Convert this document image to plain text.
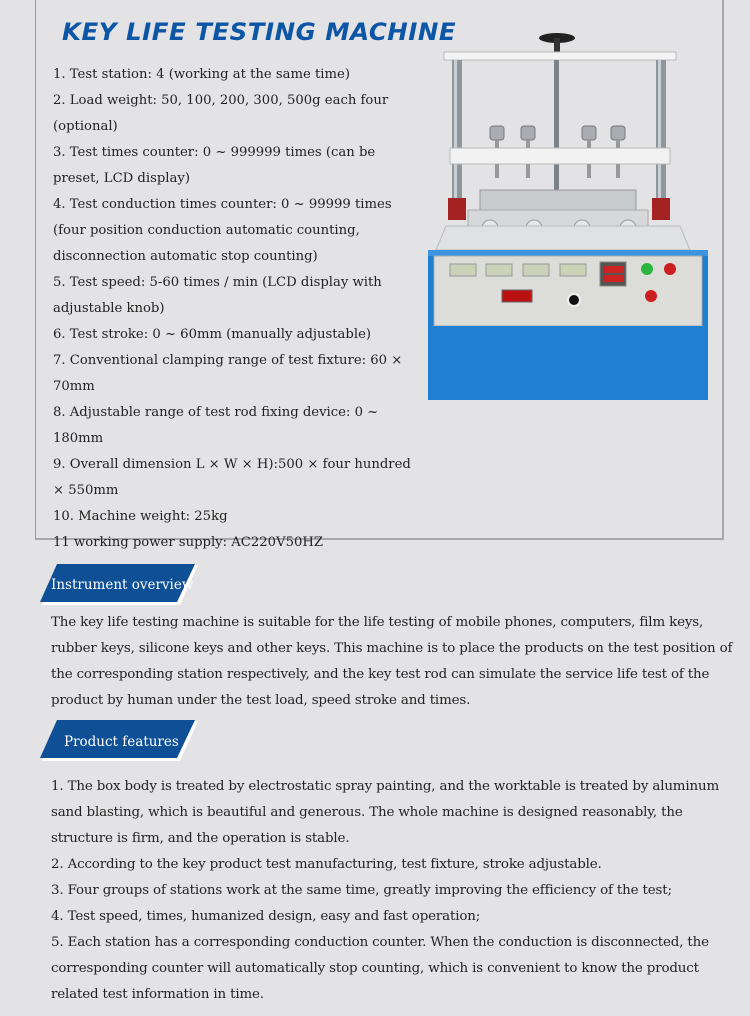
KEY LIFE TESTING MACHINE
1. Test station: 4 (working at the same time)
2. Load weight: 50, 100, 200, 300, 500g each four (optional)
3. Test times counter: 0 ~ 999999 times (can be preset, LCD display)
4. Test conduction times counter: 0 ~ 99999 times (four position conduction automatic counting, disconnection automatic stop counting)
5. Test speed: 5-60 times / min (LCD display with adjustable knob)
6. Test stroke: 0 ~ 60mm (manually adjustable)
7. Conventional clamping range of test fixture: 60 × 70mm
8. Adjustable range of test rod fixing device: 0 ~ 180mm
9. Overall dimension L × W × H):500 × four hundred × 550mm
10. Machine weight: 25kg
11 working power supply: AC220V50HZ
Instrument overview

The key life testing machine is suitable for the life testing of mobile phones, computers, film keys, rubber keys, silicone keys and other keys. This machine is to place the products on the test position of the corresponding station respectively, and the key test rod can simulate the service life test of the product by human under the test load, speed stroke and times.

Product features
1. The box body is treated by electrostatic spray painting, and the worktable is treated by aluminum sand blasting, which is beautiful and generous. The whole machine is designed reasonably, the structure is firm, and the operation is stable.
2. According to the key product test manufacturing, test fixture, stroke adjustable.
3. Four groups of stations work at the same time, greatly improving the efficiency of the test;
4. Test speed, times, humanized design, easy and fast operation;
5. Each station has a corresponding conduction counter. When the conduction is disconnected, the corresponding counter will automatically stop counting, which is convenient to know the product related test information in time.
